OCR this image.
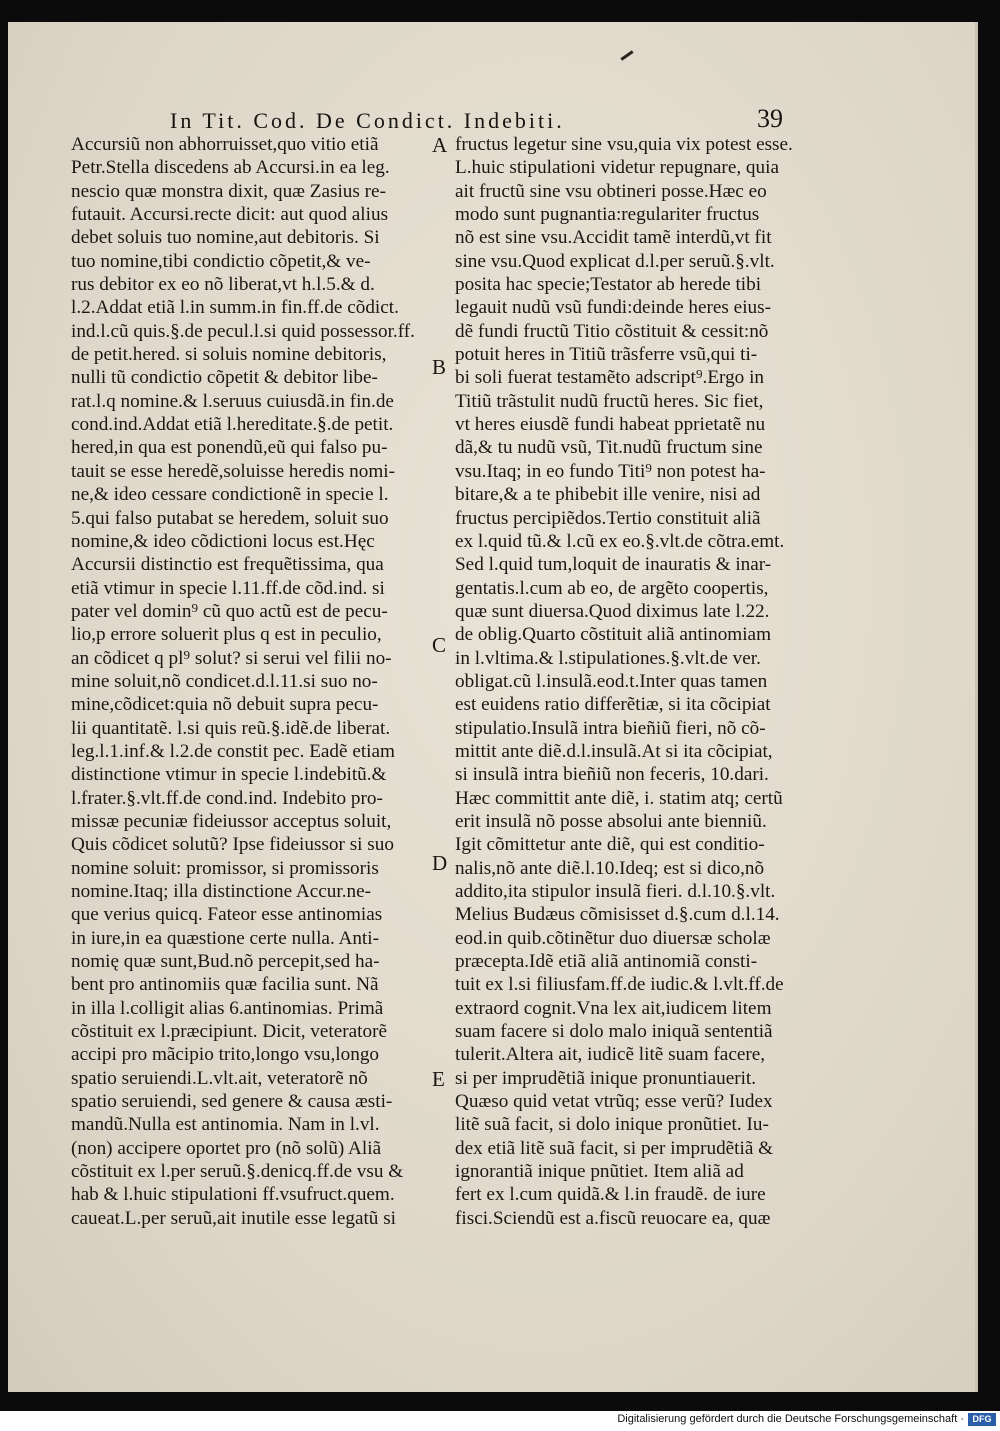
In Tit. Cod. De Condict. Indebiti.	39
Accursiũ non abhorruisset,quo vitio etiã
Petr.Stella discedens ab Accursi.in ea leg.
nescio quæ monstra dixit, quæ Zasius re-
futauit. Accursi.recte dicit: aut quod alius
debet soluis tuo nomine,aut debitoris. Si
tuo nomine,tibi condictio cõpetit,& ve-
rus debitor ex eo nõ liberat,vt h.l.5.& d.
l.2.Addat etiã l.in summ.in fin.ff.de cõdict.
ind.l.cũ quis.§.de pecul.l.si quid possessor.ff.
de petit.hered. si soluis nomine debitoris,
nulli tũ condictio cõpetit & debitor libe-
rat.l.q nomine.& l.seruus cuiusdã.in fin.de
cond.ind.Addat etiã l.hereditate.§.de petit.
hered,in qua est ponendũ,eũ qui falso pu-
tauit se esse heredẽ,soluisse heredis nomi-
ne,& ideo cessare condictionẽ in specie l.
5.qui falso putabat se heredem, soluit suo
nomine,& ideo cõdictioni locus est.Hęc
Accursii distinctio est frequẽtissima, qua
etiã vtimur in specie l.11.ff.de cõd.ind. si
pater vel domin⁹ cũ quo actũ est de pecu-
lio,p errore soluerit plus q est in peculio,
an cõdicet q pl⁹ solut? si serui vel filii no-
mine soluit,nõ condicet.d.l.11.si suo no-
mine,cõdicet:quia nõ debuit supra pecu-
lii quantitatẽ. l.si quis reũ.§.idẽ.de liberat.
leg.l.1.inf.& l.2.de constit pec. Eadẽ etiam
distinctione vtimur in specie l.indebitũ.&
l.frater.§.vlt.ff.de cond.ind. Indebito pro-
missæ pecuniæ fideiussor acceptus soluit,
Quis cõdicet solutũ? Ipse fideiussor si suo
nomine soluit: promissor, si promissoris
nomine.Itaq; illa distinctione Accur.ne-
que verius quicq. Fateor esse antinomias
in iure,in ea quæstione certe nulla. Anti-
nomię quæ sunt,Bud.nõ percepit,sed ha-
bent pro antinomiis quæ facilia sunt. Nã
in illa l.colligit alias 6.antinomias. Primã
cõstituit ex l.præcipiunt. Dicit, veteratorẽ
accipi pro mãcipio trito,longo vsu,longo
spatio seruiendi.L.vlt.ait, veteratorẽ nõ
spatio seruiendi, sed genere & causa æsti-
mandũ.Nulla est antinomia. Nam in l.vl.
(non) accipere oportet pro (nõ solũ) Aliã
cõstituit ex l.per seruũ.§.denicq.ff.de vsu &
hab & l.huic stipulationi ff.vsufruct.quem.
caueat.L.per seruũ,ait inutile esse legatũ si
fructus legetur sine vsu,quia vix potest esse.
L.huic stipulationi videtur repugnare, quia
ait fructũ sine vsu obtineri posse.Hæc eo
modo sunt pugnantia:regulariter fructus
nõ est sine vsu.Accidit tamẽ interdũ,vt fit
sine vsu.Quod explicat d.l.per seruũ.§.vlt.
posita hac specie;Testator ab herede tibi
legauit nudũ vsũ fundi:deinde heres eius-
dẽ fundi fructũ Titio cõstituit & cessit:nõ
potuit heres in Titiũ trãsferre vsũ,qui ti-
bi soli fuerat testamẽto adscript⁹.Ergo in
Titiũ trãstulit nudũ fructũ heres. Sic fiet,
vt heres eiusdẽ fundi habeat pprietatẽ nu
dã,& tu nudũ vsũ, Tit.nudũ fructum sine
vsu.Itaq; in eo fundo Titi⁹ non potest ha-
bitare,& a te phibebit ille venire, nisi ad
fructus percipiẽdos.Tertio constituit aliã
ex l.quid tũ.& l.cũ ex eo.§.vlt.de cõtra.emt.
Sed l.quid tum,loquit de inauratis & inar-
gentatis.l.cum ab eo, de argẽto coopertis,
quæ sunt diuersa.Quod diximus late l.22.
de oblig.Quarto cõstituit aliã antinomiam
in l.vltima.& l.stipulationes.§.vlt.de ver.
obligat.cũ l.insulã.eod.t.Inter quas tamen
est euidens ratio differẽtiæ, si ita cõcipiat
stipulatio.Insulã intra bieñiũ fieri, nõ cõ-
mittit ante diẽ.d.l.insulã.At si ita cõcipiat,
si insulã intra bieñiũ non feceris, 10.dari.
Hæc committit ante diẽ, i. statim atq; certũ
erit insulã nõ posse absolui ante bienniũ.
Igit cõmittetur ante diẽ, qui est conditio-
nalis,nõ ante diẽ.l.10.Ideq; est si dico,nõ
addito,ita stipulor insulã fieri. d.l.10.§.vlt.
Melius Budæus cõmisisset d.§.cum d.l.14.
eod.in quib.cõtinẽtur duo diuersæ scholæ
præcepta.Idẽ etiã aliã antinomiã consti-
tuit ex l.si filiusfam.ff.de iudic.& l.vlt.ff.de
extraord cognit.Vna lex ait,iudicem litem
suam facere si dolo malo iniquã sententiã
tulerit.Altera ait, iudicẽ litẽ suam facere,
si per imprudẽtiã inique pronuntiauerit.
Quæso quid vetat vtrũq; esse verũ? Iudex
litẽ suã facit, si dolo inique pronũtiet. Iu-
dex etiã litẽ suã facit, si per imprudẽtiã &
ignorantiã inique pnũtiet. Item aliã ad
fert ex l.cum quidã.& l.in fraudẽ. de iure
fisci.Sciendũ est a.fiscũ reuocare ea, quæ
A
B
C
D
E
Digitalisierung gefördert durch die Deutsche Forschungsgemeinschaft · DFG
